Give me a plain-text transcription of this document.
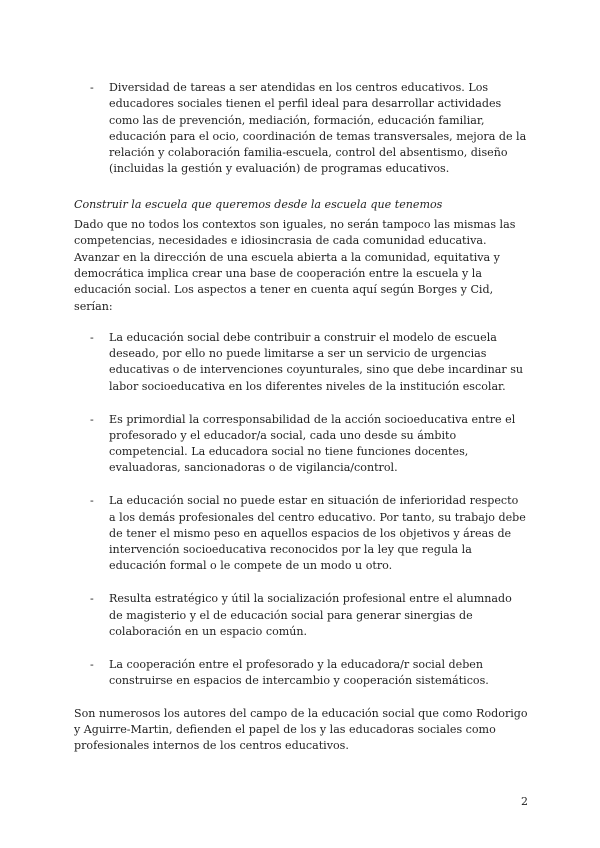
-	Diversidad de tareas a ser atendidas en los centros educativos. Los educadores sociales tienen el perfil ideal para desarrollar actividades como las de prevención, mediación, formación, educación familiar, educación para el ocio, coordinación de temas transversales, mejora de la relación y colaboración familia-escuela, control del absentismo, diseño (incluidas la gestión y evaluación) de programas educativos.

Construir la escuela que queremos desde la escuela que tenemos

Dado que no todos los contextos son iguales, no serán tampoco las mismas las competencias, necesidades e idiosincrasia de cada comunidad educativa. Avanzar en la dirección de una escuela abierta a la comunidad, equitativa y democrática implica crear una base de cooperación entre la escuela y la educación social. Los aspectos a tener en cuenta aquí según Borges y Cid, serían:

-	La educación social debe contribuir a construir el modelo de escuela deseado, por ello no puede limitarse a ser un servicio de urgencias educativas o de intervenciones coyunturales, sino que debe incardinar su labor socioeducativa en los diferentes niveles de la institución escolar.
-	Es primordial la corresponsabilidad de la acción socioeducativa entre el profesorado y el educador/a social, cada uno desde su ámbito competencial. La educadora social no tiene funciones docentes, evaluadoras, sancionadoras o de vigilancia/control.
-	La educación social no puede estar en situación de inferioridad respecto a los demás profesionales del centro educativo. Por tanto, su trabajo debe de tener el mismo peso en aquellos espacios de los objetivos y áreas de intervención socioeducativa reconocidos por la ley que regula la educación formal o le compete de un modo u otro.
-	Resulta estratégico y útil la socialización profesional entre el alumnado de magisterio y el de educación social para generar sinergias de colaboración en un espacio común.
-	La cooperación entre el profesorado y la educadora/r social deben construirse en espacios de intercambio y cooperación sistemáticos.

Son numerosos los autores del campo de la educación social que como Rodorigo y Aguirre-Martin, defienden el papel de los y las educadoras sociales como profesionales internos de los centros educativos.

2
